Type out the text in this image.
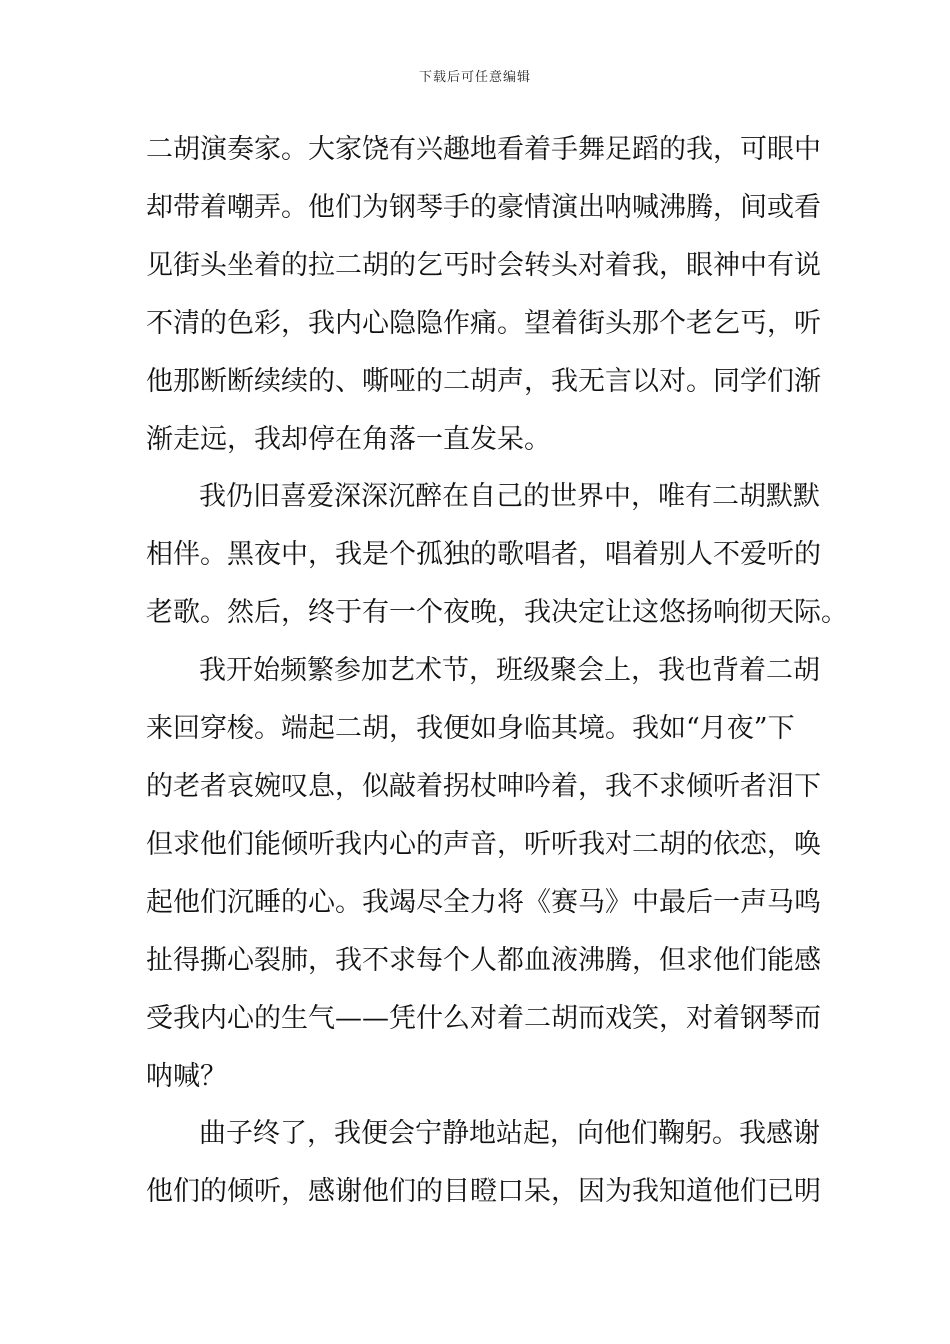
下载后可任意编辑
二胡演奏家。大家饶有兴趣地看着手舞足蹈的我，可眼中
却带着嘲弄。他们为钢琴手的豪情演出呐喊沸腾，间或看
见街头坐着的拉二胡的乞丐时会转头对着我，眼神中有说
不清的色彩，我内心隐隐作痛。望着街头那个老乞丐，听
他那断断续续的、嘶哑的二胡声，我无言以对。同学们渐
渐走远，我却停在角落一直发呆。
我仍旧喜爱深深沉醉在自己的世界中，唯有二胡默默
相伴。黑夜中，我是个孤独的歌唱者，唱着别人不爱听的
老歌。然后，终于有一个夜晚，我决定让这悠扬响彻天际。
我开始频繁参加艺术节，班级聚会上，我也背着二胡
来回穿梭。端起二胡，我便如身临其境。我如“月夜”下
的老者哀婉叹息，似敲着拐杖呻吟着，我不求倾听者泪下
但求他们能倾听我内心的声音，听听我对二胡的依恋，唤
起他们沉睡的心。我竭尽全力将《赛马》中最后一声马鸣
扯得撕心裂肺，我不求每个人都血液沸腾，但求他们能感
受我内心的生气——凭什么对着二胡而戏笑，对着钢琴而
呐喊？
曲子终了，我便会宁静地站起，向他们鞠躬。我感谢
他们的倾听，感谢他们的目瞪口呆，因为我知道他们已明
